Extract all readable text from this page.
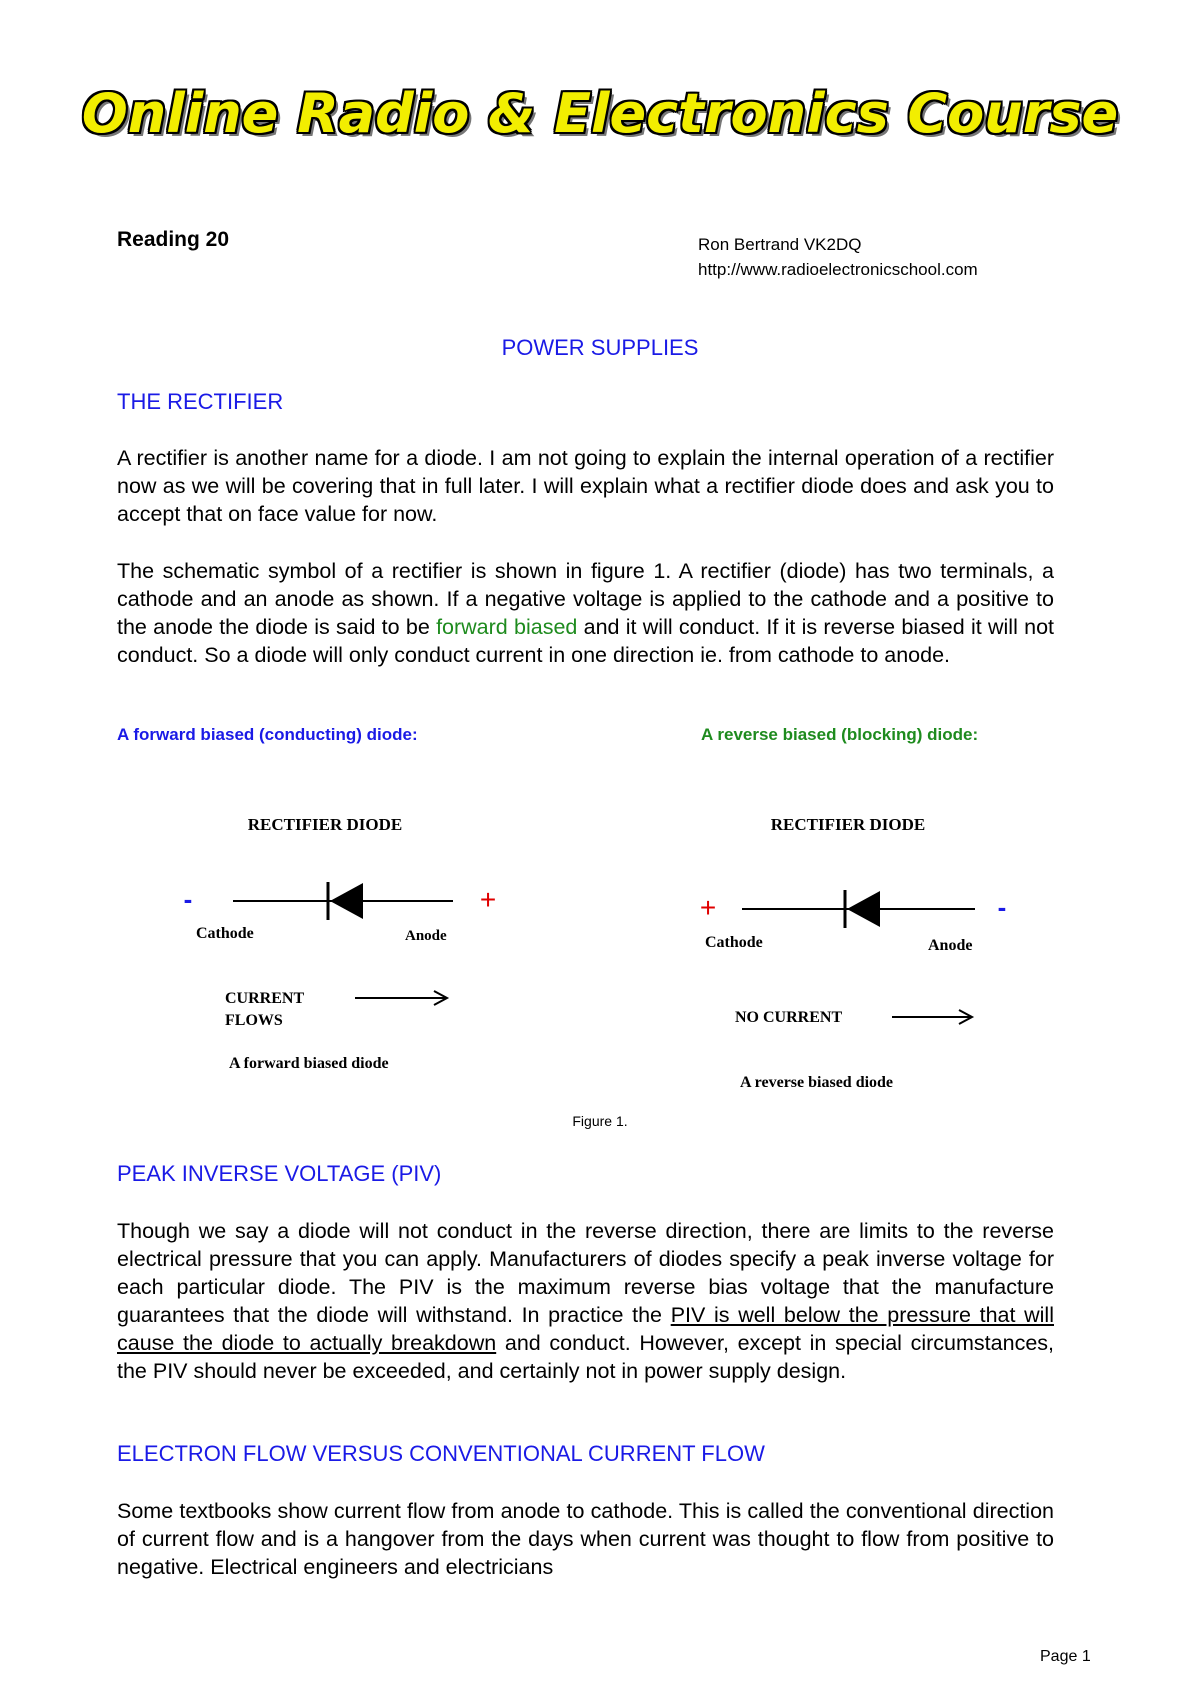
Online Radio & Electronics Course
Reading 20	Ron Bertrand VK2DQ
http://www.radioelectronicschool.com
POWER SUPPLIES
THE RECTIFIER

A rectifier is another name for a diode. I am not going to explain the internal operation of a rectifier now as we will be covering that in full later. I will explain what a rectifier diode does and ask you to accept that on face value for now.

The schematic symbol of a rectifier is shown in figure 1. A rectifier (diode) has two terminals, a cathode and an anode as shown. If a negative voltage is applied to the cathode and a positive to the anode the diode is said to be forward biased and it will conduct. If it is reverse biased it will not conduct. So a diode will only conduct current in one direction ie. from cathode to anode.

A forward biased (conducting) diode:	A reverse biased (blocking) diode:
RECTIFIER DIODE
-	+
Cathode	Anode
CURRENT
FLOWS
A forward biased diode
RECTIFIER DIODE
+	-
Cathode	Anode
NO CURRENT
A reverse biased diode
Figure 1.
PEAK INVERSE VOLTAGE (PIV)

Though we say a diode will not conduct in the reverse direction, there are limits to the reverse electrical pressure that you can apply. Manufacturers of diodes specify a peak inverse voltage for each particular diode. The PIV is the maximum reverse bias voltage that the manufacture guarantees that the diode will withstand. In practice the PIV is well below the pressure that will cause the diode to actually breakdown and conduct. However, except in special circumstances, the PIV should never be exceeded, and certainly not in power supply design.

ELECTRON FLOW VERSUS CONVENTIONAL CURRENT FLOW

Some textbooks show current flow from anode to cathode. This is called the conventional direction of current flow and is a hangover from the days when current was thought to flow from positive to negative. Electrical engineers and electricians

Page 1
